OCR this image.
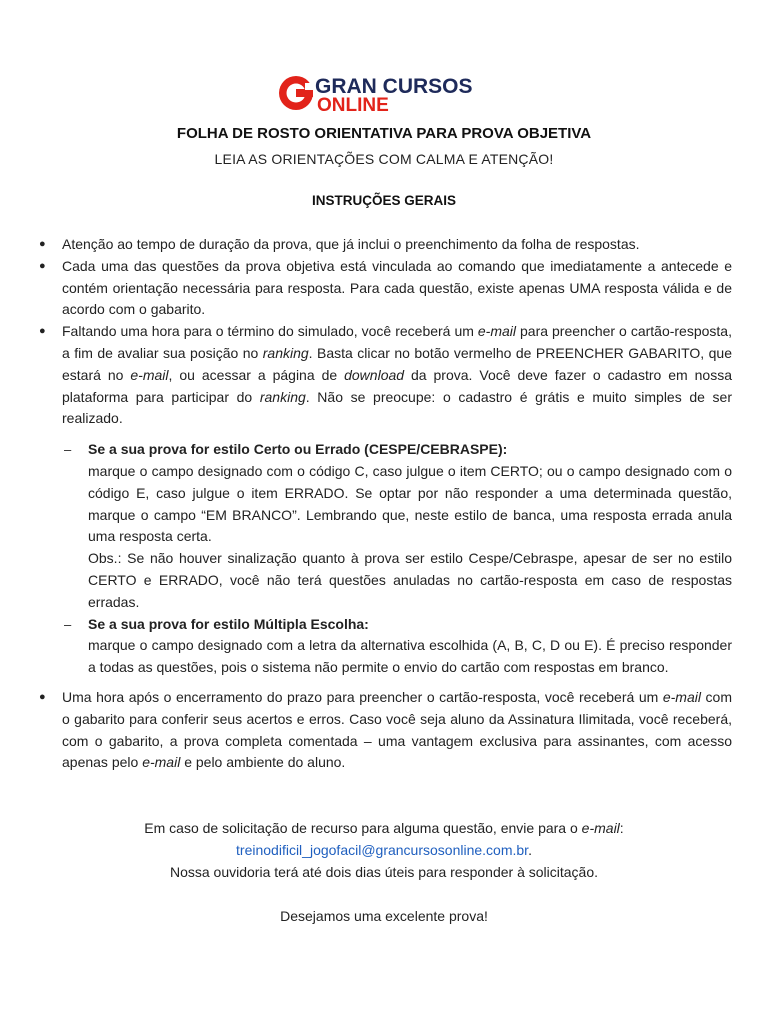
GRAN CURSOS
ONLINE
FOLHA DE ROSTO ORIENTATIVA PARA PROVA OBJETIVA
LEIA AS ORIENTAÇÕES COM CALMA E ATENÇÃO!
INSTRUÇÕES GERAIS
● Atenção ao tempo de duração da prova, que já inclui o preenchimento da folha de respostas.
● Cada uma das questões da prova objetiva está vinculada ao comando que imediatamente a antecede e contém orientação necessária para resposta. Para cada questão, existe apenas UMA resposta válida e de acordo com o gabarito.
● Faltando uma hora para o término do simulado, você receberá um e-mail para preencher o cartão-resposta, a fim de avaliar sua posição no ranking. Basta clicar no botão vermelho de PREENCHER GABARITO, que estará no e-mail, ou acessar a página de download da prova. Você deve fazer o cadastro em nossa plataforma para participar do ranking. Não se preocupe: o cadastro é grátis e muito simples de ser realizado.
– Se a sua prova for estilo Certo ou Errado (CESPE/CEBRASPE):
marque o campo designado com o código C, caso julgue o item CERTO; ou o campo designado com o código E, caso julgue o item ERRADO. Se optar por não responder a uma determinada questão, marque o campo “EM BRANCO”. Lembrando que, neste estilo de banca, uma resposta errada anula uma resposta certa.
Obs.: Se não houver sinalização quanto à prova ser estilo Cespe/Cebraspe, apesar de ser no estilo CERTO e ERRADO, você não terá questões anuladas no cartão-resposta em caso de respostas erradas.
– Se a sua prova for estilo Múltipla Escolha:
marque o campo designado com a letra da alternativa escolhida (A, B, C, D ou E). É preciso responder a todas as questões, pois o sistema não permite o envio do cartão com respostas em branco.
● Uma hora após o encerramento do prazo para preencher o cartão-resposta, você receberá um e-mail com o gabarito para conferir seus acertos e erros. Caso você seja aluno da Assinatura Ilimitada, você receberá, com o gabarito, a prova completa comentada – uma vantagem exclusiva para assinantes, com acesso apenas pelo e-mail e pelo ambiente do aluno.
Em caso de solicitação de recurso para alguma questão, envie para o e-mail:
treinodificil_jogofacil@grancursosonline.com.br.
Nossa ouvidoria terá até dois dias úteis para responder à solicitação.
Desejamos uma excelente prova!
